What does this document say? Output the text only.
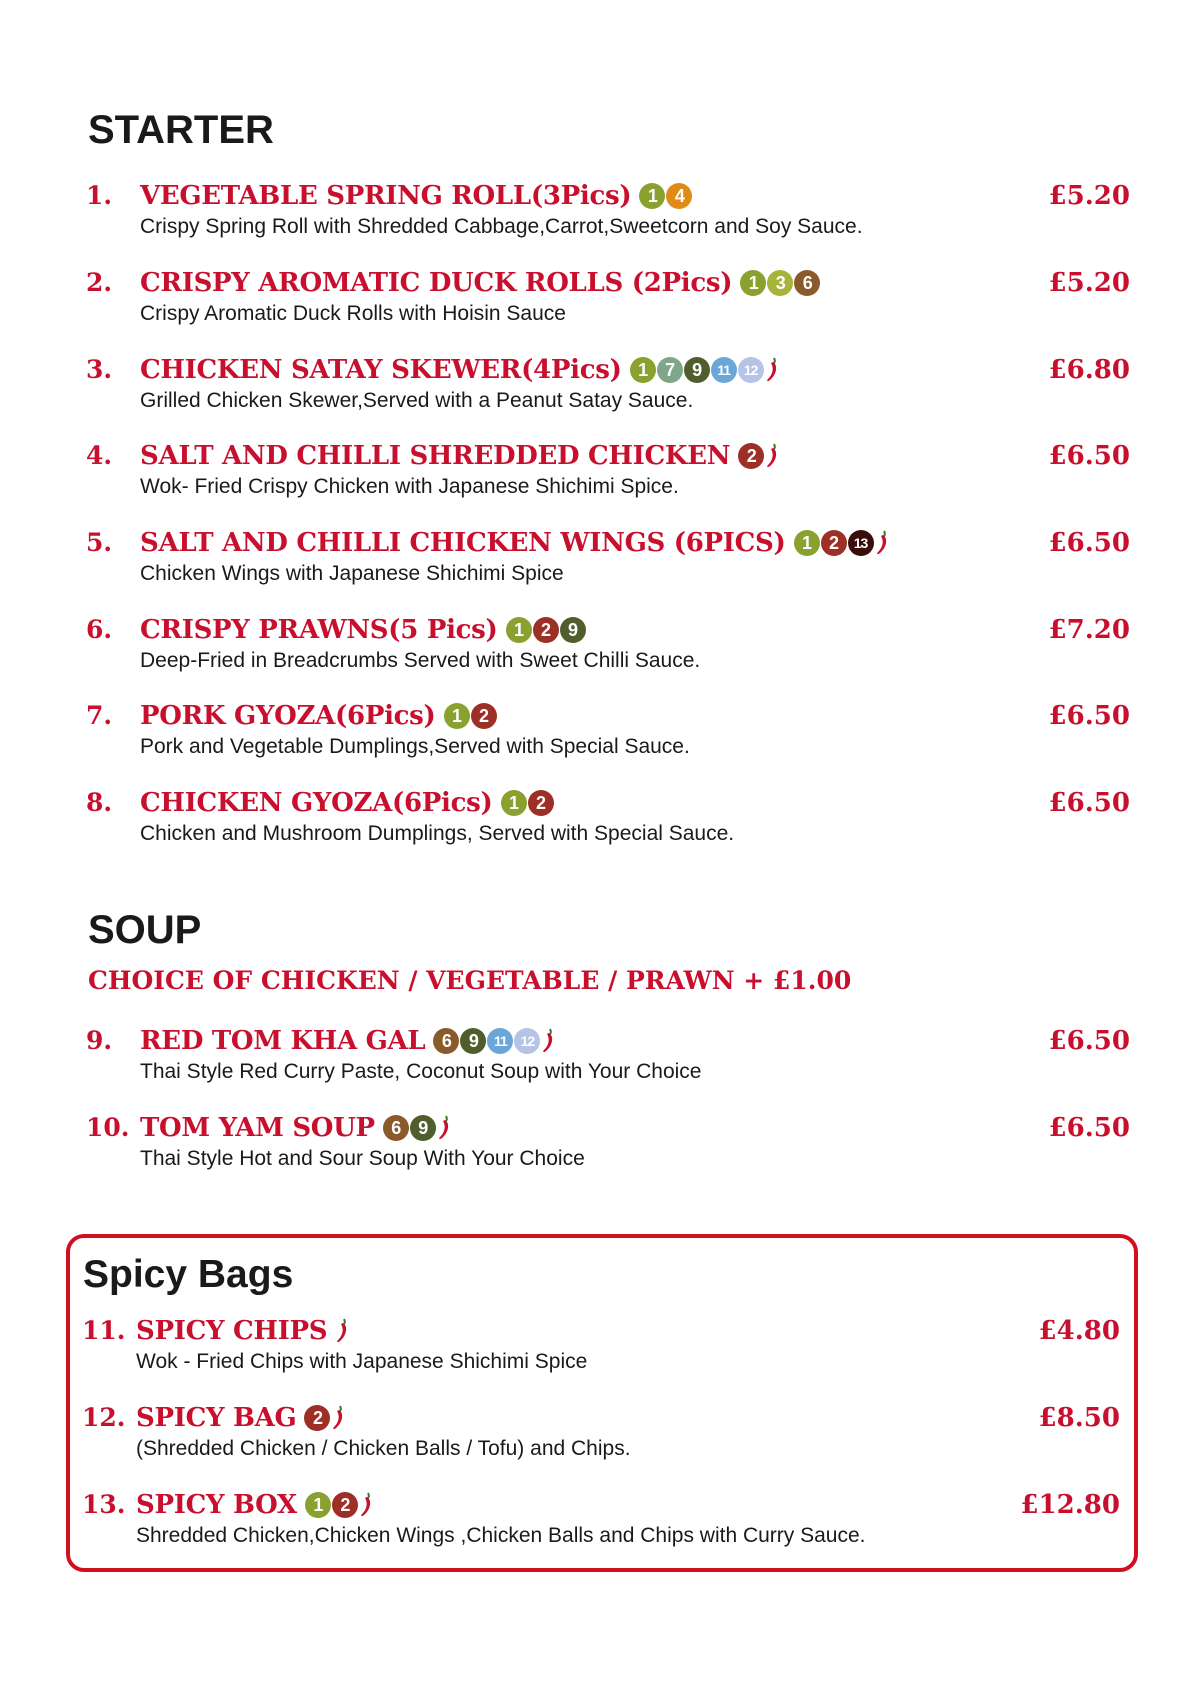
STARTER
1. VEGETABLE SPRING ROLL(3Pics) 1 4	£5.20
Crispy Spring Roll with Shredded Cabbage,Carrot,Sweetcorn and Soy Sauce.
2. CRISPY AROMATIC DUCK ROLLS (2Pics) 1 3 6	£5.20
Crispy Aromatic Duck Rolls with Hoisin Sauce
3. CHICKEN SATAY SKEWER(4Pics) 1 7 9	11 12	£6.80
Grilled Chicken Skewer,Served with a Peanut Satay Sauce.
4. SALT AND CHILLI SHREDDED CHICKEN 2	£6.50
Wok- Fried Crispy Chicken with Japanese Shichimi Spice.
5. SALT AND CHILLI CHICKEN WINGS (6PICS) 1 2	13	£6.50
Chicken Wings with Japanese Shichimi Spice
6. CRISPY PRAWNS(5 Pics) 1 2 9	£7.20
Deep-Fried in Breadcrumbs Served with Sweet Chilli Sauce.
7. PORK GYOZA(6Pics) 1 2	£6.50
Pork and Vegetable Dumplings,Served with Special Sauce.
8. CHICKEN GYOZA(6Pics) 1 2	£6.50
Chicken and Mushroom Dumplings, Served with Special Sauce.
SOUP
CHOICE OF CHICKEN / VEGETABLE / PRAWN + £1.00
9. RED TOM KHA GAL 6 9	11 12	£6.50
Thai Style Red Curry Paste, Coconut Soup with Your Choice
10. TOM YAM SOUP 6 9	£6.50
Thai Style Hot and Sour Soup With Your Choice
Spicy Bags
11. SPICY CHIPS	£4.80
Wok - Fried Chips with Japanese Shichimi Spice
12. SPICY BAG 2	£8.50
(Shredded Chicken / Chicken Balls / Tofu) and Chips.
13. SPICY BOX 1 2	£12.80
Shredded Chicken,Chicken Wings ,Chicken Balls and Chips with Curry Sauce.
